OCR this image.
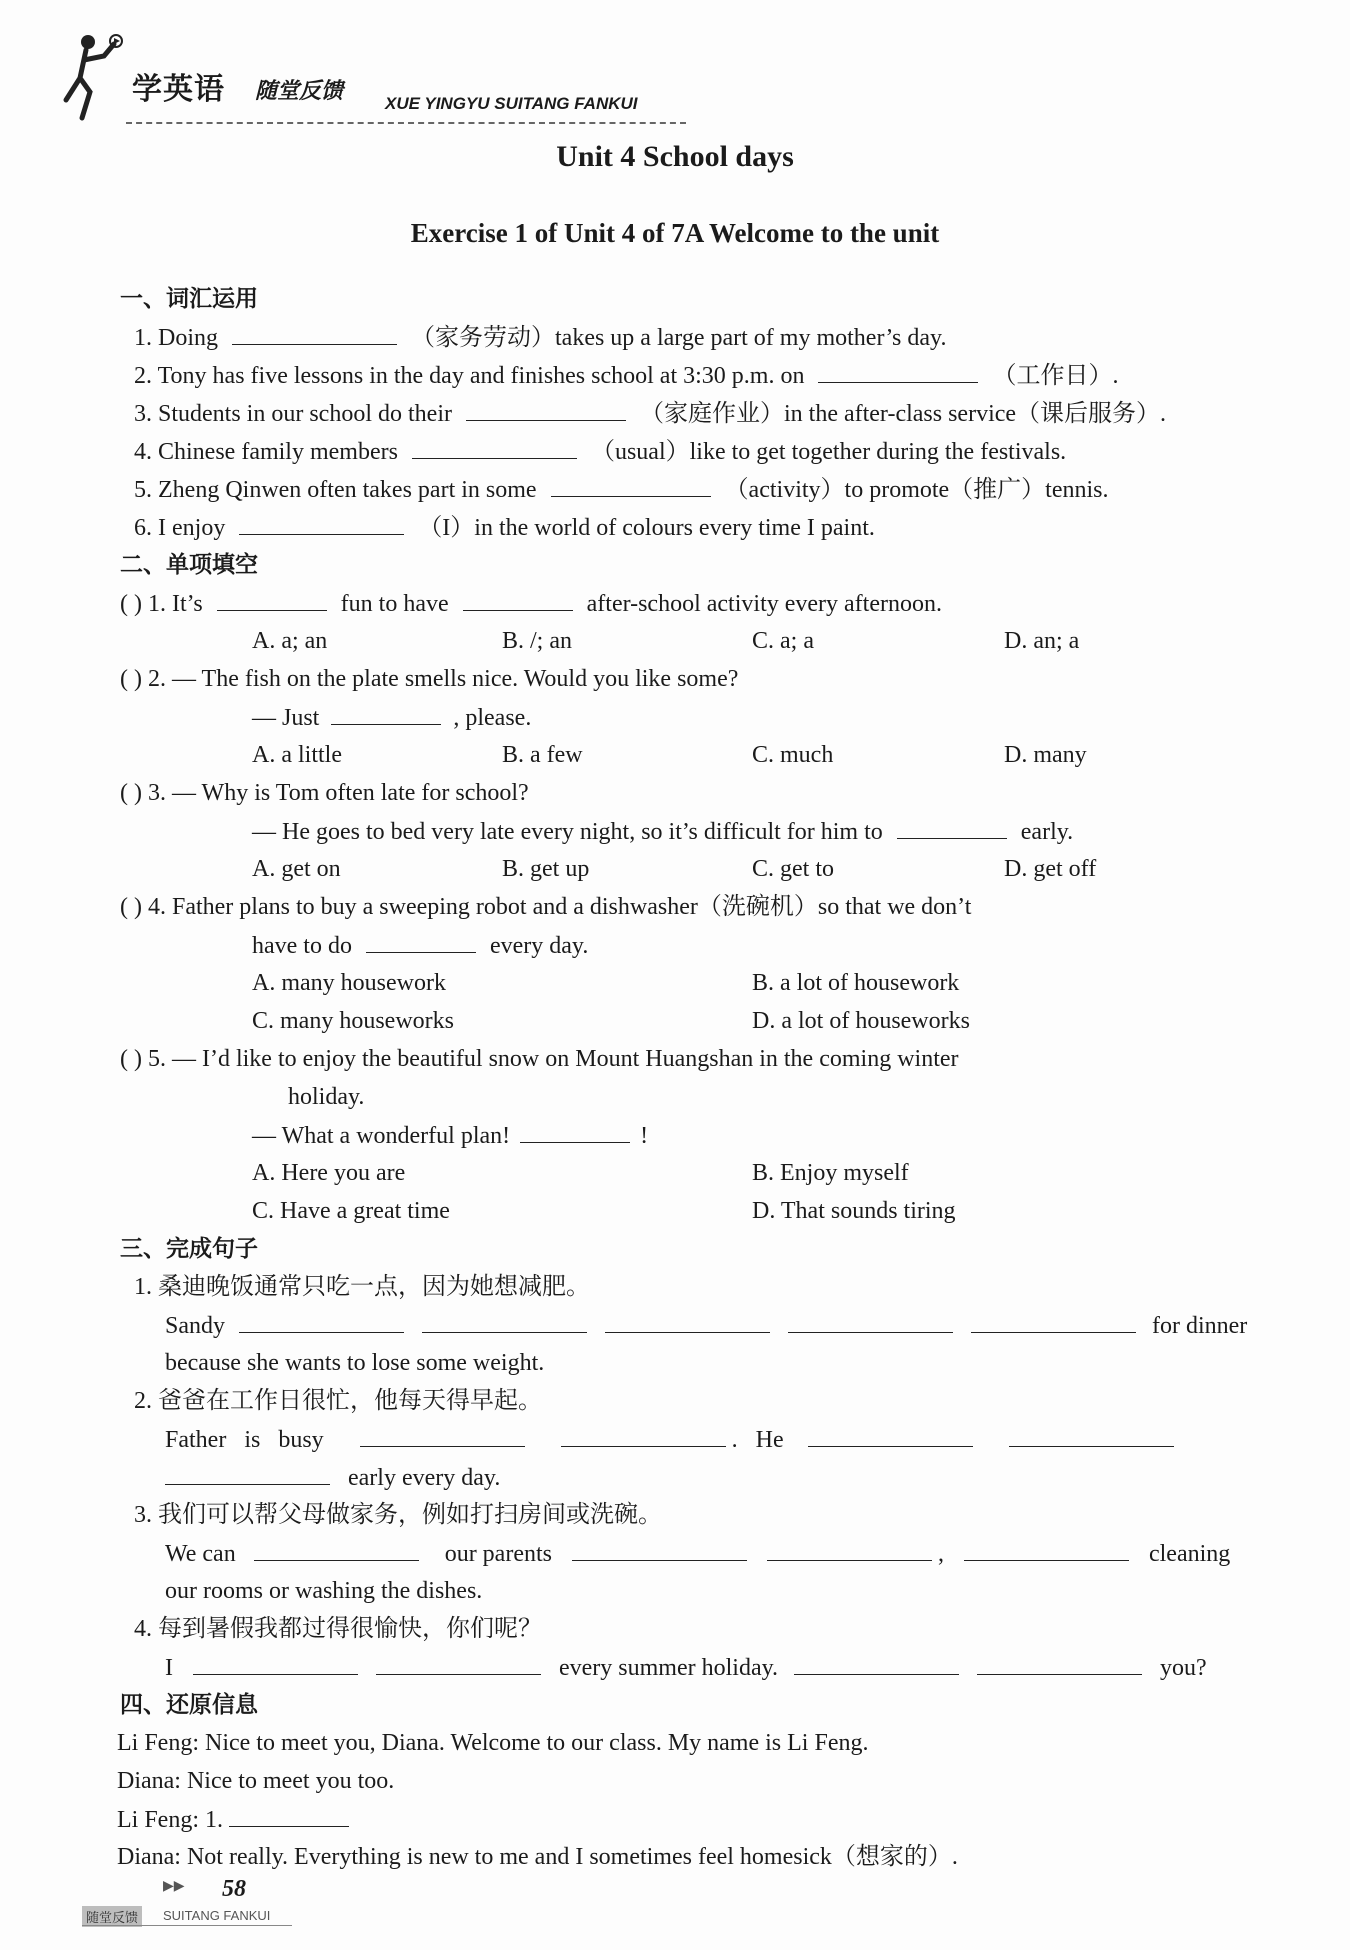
学英语 随堂反馈 XUE YINGYU SUITANG FANKUI
Unit 4 School days
Exercise 1 of Unit 4 of 7A Welcome to the unit
一、词汇运用
1. Doing	（家务劳动）takes up a large part of my mother’s day.
2. Tony has five lessons in the day and finishes school at 3:30 p.m. on	（工作日）.
3. Students in our school do their	（家庭作业）in the after-class service（课后服务）.
4. Chinese family members	（usual）like to get together during the festivals.
5. Zheng Qinwen often takes part in some	（activity）to promote（推广）tennis.
6. I enjoy	（I）in the world of colours every time I paint.
二、单项填空
( ) 1. It’s	fun to have	after-school activity every afternoon.
A. a; an	B. /; an	C. a; a	D. an; a
( ) 2. — The fish on the plate smells nice. Would you like some?
— Just	, please.
A. a little	B. a few	C. much	D. many
( ) 3. — Why is Tom often late for school?
— He goes to bed very late every night, so it’s difficult for him to	early.
A. get on	B. get up	C. get to	D. get off
( ) 4. Father plans to buy a sweeping robot and a dishwasher（洗碗机）so that we don’t
have to do	every day.
A. many housework	B. a lot of housework
C. many houseworks	D. a lot of houseworks
( ) 5. — I’d like to enjoy the beautiful snow on Mount Huangshan in the coming winter
holiday.
— What a wonderful plan!	!
A. Here you are	B. Enjoy myself
C. Have a great time	D. That sounds tiring
三、完成句子
1. 桑迪晚饭通常只吃一点，因为她想减肥。
Sandy	for dinner
because she wants to lose some weight.
2. 爸爸在工作日很忙，他每天得早起。
Father   is   busy	.   He
early every day.
3. 我们可以帮父母做家务，例如打扫房间或洗碗。
We can	our parents	,	cleaning
our rooms or washing the dishes.
4. 每到暑假我都过得很愉快，你们呢？
I	every summer holiday.	you?
四、还原信息
Li Feng: Nice to meet you, Diana. Welcome to our class. My name is Li Feng.
Diana: Nice to meet you too.
Li Feng: 1.
Diana: Not really. Everything is new to me and I sometimes feel homesick（想家的）.
▶▶ 58
随堂反馈	SUITANG FANKUI
